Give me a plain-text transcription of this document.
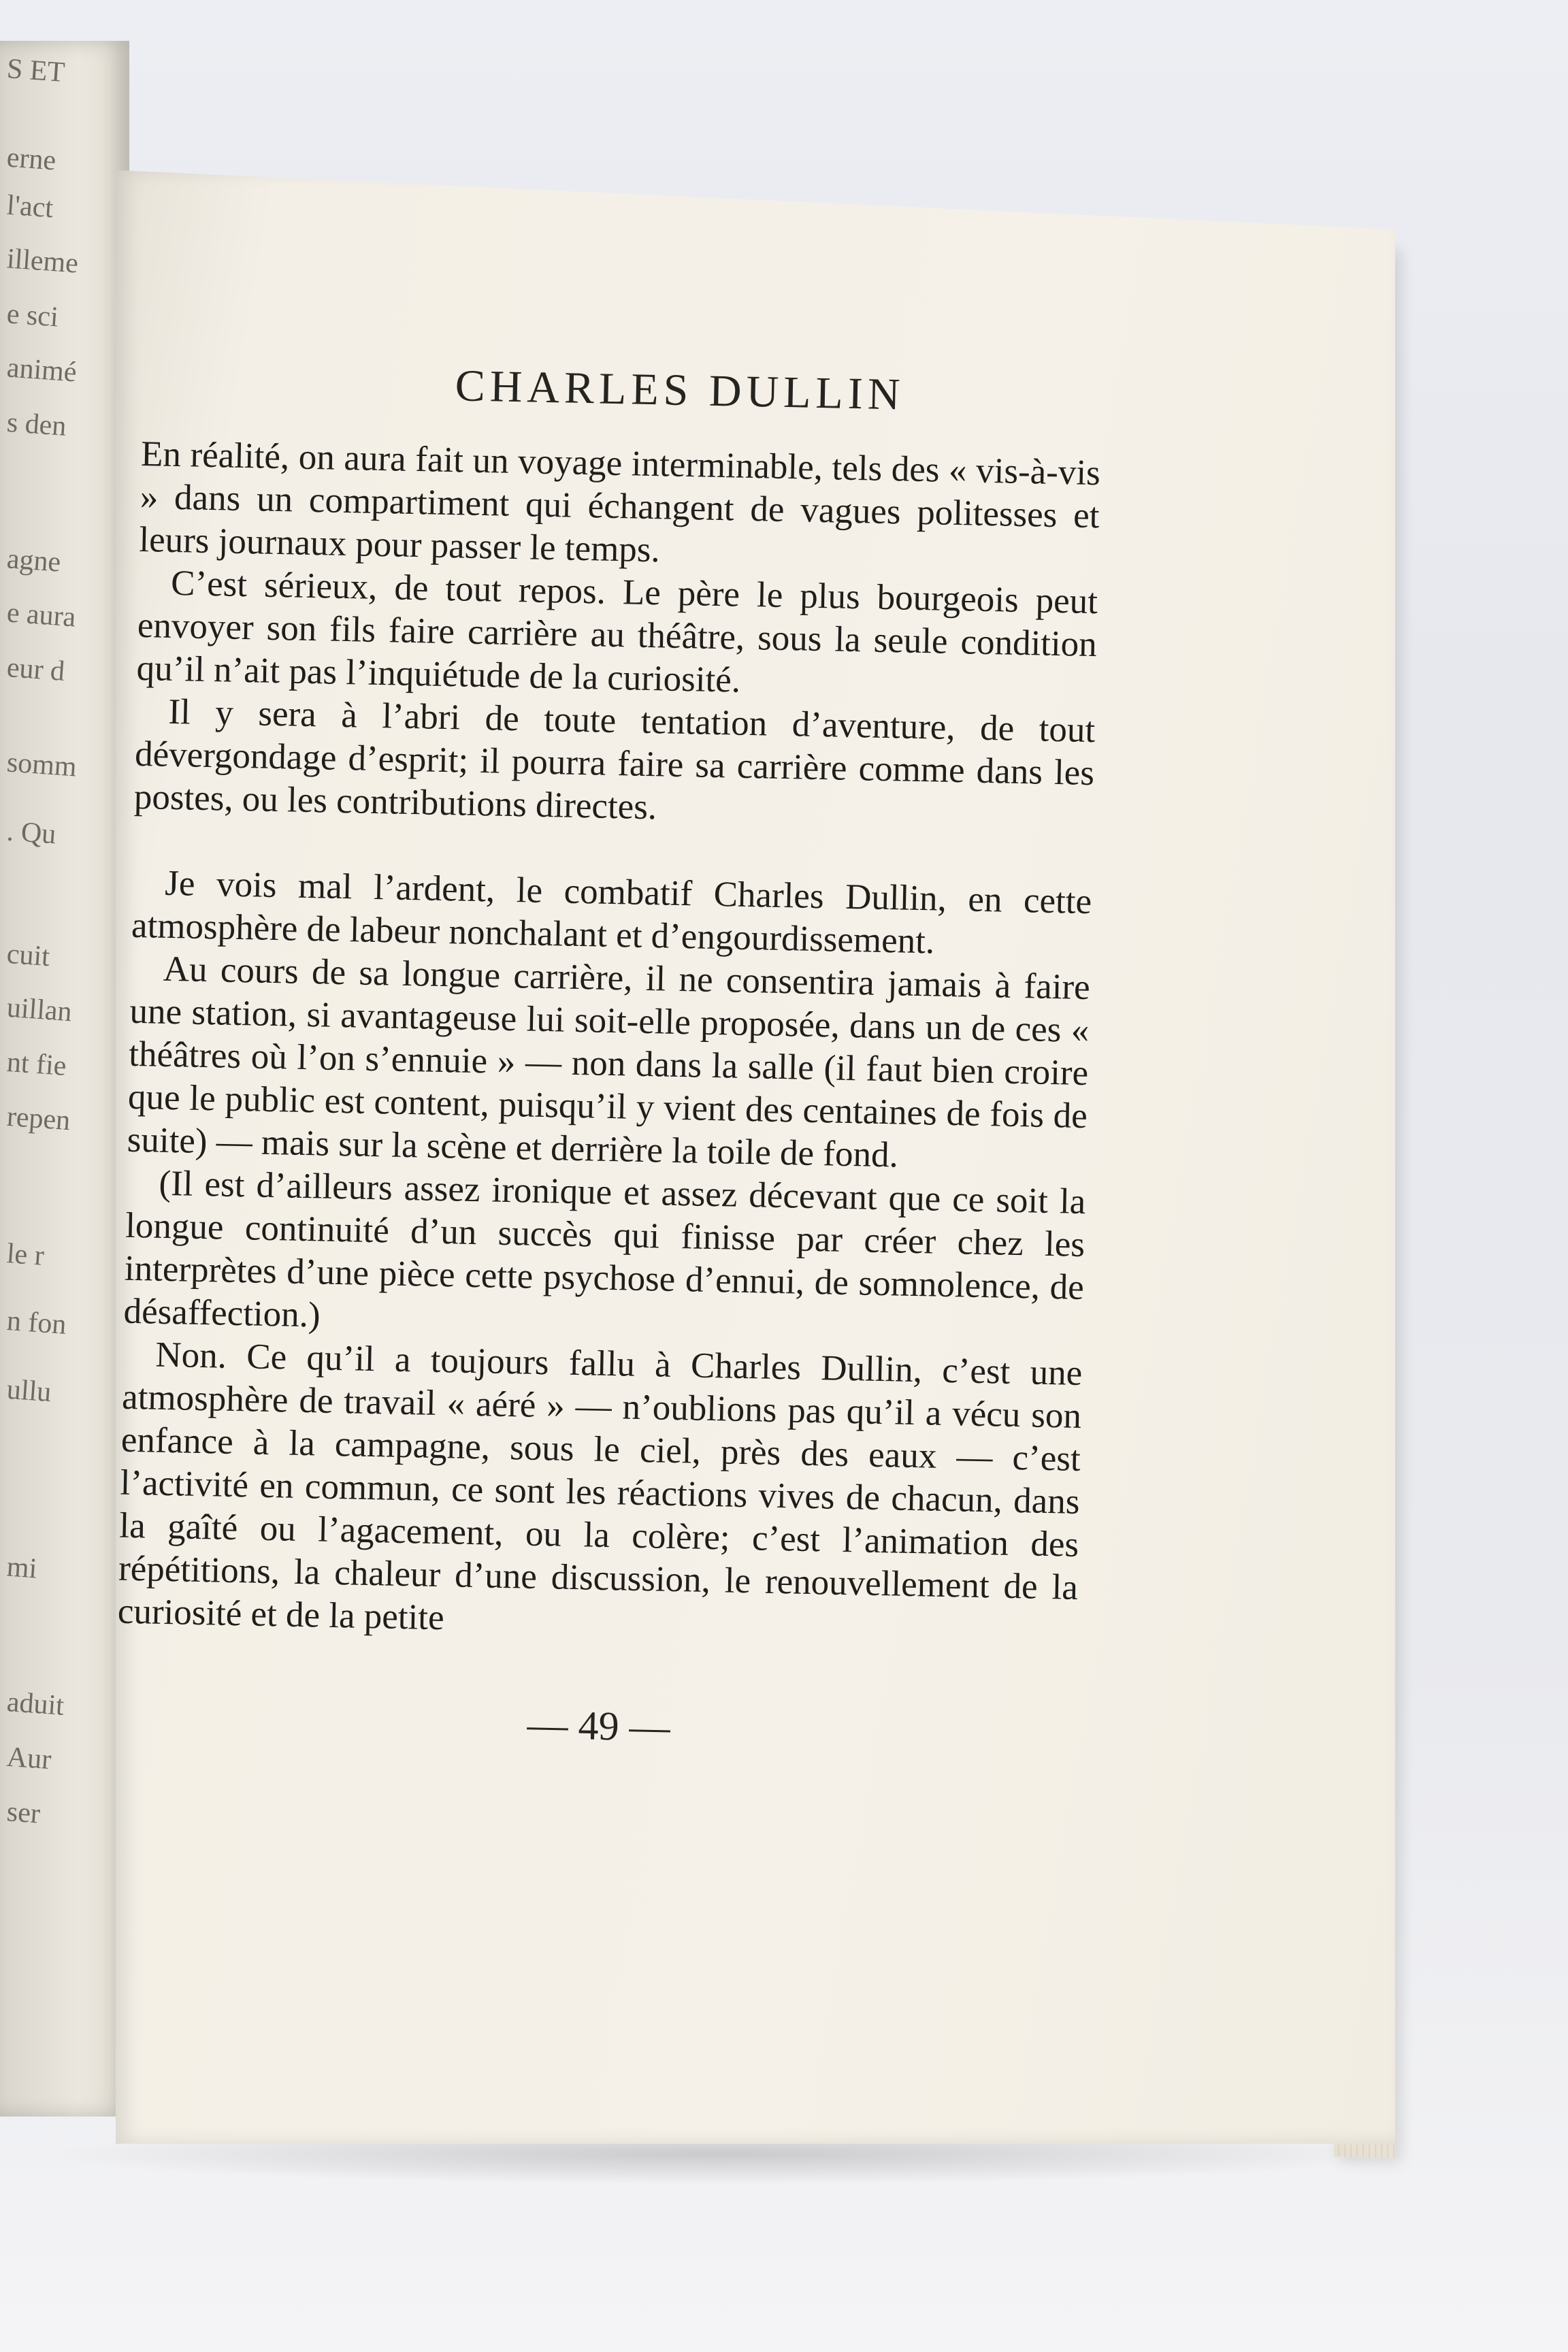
S ET
erne
l'act
illeme
e sci
animé
s den
agne
e aura
eur d
somm
. Qu
cuit
uillan
nt fie
repen
le r
n fon
ullu
mi
aduit
Aur
ser
CHARLES DULLIN

En réalité, on aura fait un voyage interminable, tels des « vis-à-vis » dans un compartiment qui échangent de vagues politesses et leurs journaux pour passer le temps.

C’est sérieux, de tout repos. Le père le plus bourgeois peut envoyer son fils faire carrière au théâtre, sous la seule condition qu’il n’ait pas l’inquiétude de la curiosité.

Il y sera à l’abri de toute tentation d’aventure, de tout dévergondage d’esprit; il pourra faire sa carrière comme dans les postes, ou les contributions directes.

Je vois mal l’ardent, le combatif Charles Dullin, en cette atmosphère de labeur nonchalant et d’engourdissement.

Au cours de sa longue carrière, il ne consentira jamais à faire une station, si avantageuse lui soit-elle proposée, dans un de ces « théâtres où l’on s’ennuie » — non dans la salle (il faut bien croire que le public est content, puisqu’il y vient des centaines de fois de suite) — mais sur la scène et derrière la toile de fond.

(Il est d’ailleurs assez ironique et assez décevant que ce soit la longue continuité d’un succès qui finisse par créer chez les interprètes d’une pièce cette psychose d’ennui, de somnolence, de désaffection.)

Non. Ce qu’il a toujours fallu à Charles Dullin, c’est une atmosphère de travail « aéré » — n’oublions pas qu’il a vécu son enfance à la campagne, sous le ciel, près des eaux — c’est l’activité en commun, ce sont les réactions vives de chacun, dans la gaîté ou l’agacement, ou la colère; c’est l’animation des répétitions, la chaleur d’une discussion, le renouvellement de la curiosité et de la petite

— 49 —
